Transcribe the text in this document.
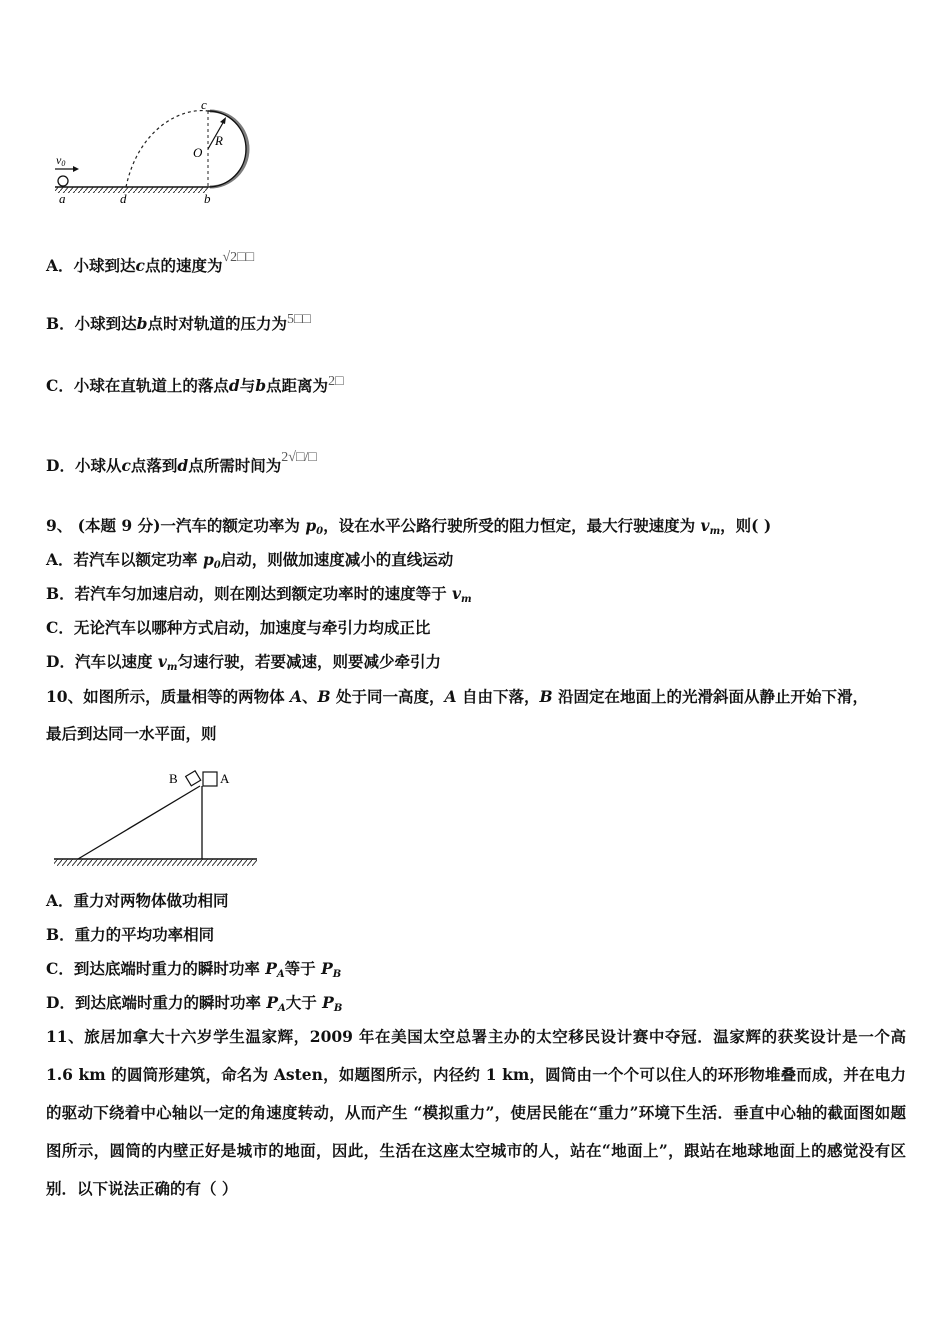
v0
a	d	b
c
O
R
A．小球到达c点的速度为√2□□
B．小球到达b点时对轨道的压力为5□□
C．小球在直轨道上的落点d与b点距离为2□
D．小球从c点落到d点所需时间为2√□/□
9、 (本题 9 分)一汽车的额定功率为 $p_0$，设在水平公路行驶所受的阻力恒定，最大行驶速度为 $v_m$，则( )
A．若汽车以额定功率 $p_0$启动，则做加速度减小的直线运动
B．若汽车匀加速启动，则在刚达到额定功率时的速度等于 $v_m$
C．无论汽车以哪种方式启动，加速度与牵引力均成正比
D．汽车以速度 $v_m$匀速行驶，若要减速，则要减少牵引力
10、如图所示，质量相等的两物体 A、B 处于同一高度，A 自由下落，B 沿固定在地面上的光滑斜面从静止开始下滑，
最后到达同一水平面，则
B	A
A．重力对两物体做功相同
B．重力的平均功率相同
C．到达底端时重力的瞬时功率 $P_A$等于 $P_B$
D．到达底端时重力的瞬时功率 $P_A$大于 $P_B$
11、旅居加拿大十六岁学生温家辉，2009 年在美国太空总署主办的太空移民设计赛中夺冠．温家辉的获奖设计是一个高 1.6 km 的圆筒形建筑，命名为 Asten，如题图所示，内径约 1 km，圆筒由一个个可以住人的环形物堆叠而成，并在电力的驱动下绕着中心轴以一定的角速度转动，从而产生 “模拟重力”，使居民能在“重力”环境下生活．垂直中心轴的截面图如题图所示，圆筒的内壁正好是城市的地面，因此，生活在这座太空城市的人，站在“地面上”，跟站在地球地面上的感觉没有区别．以下说法正确的有（ ）
